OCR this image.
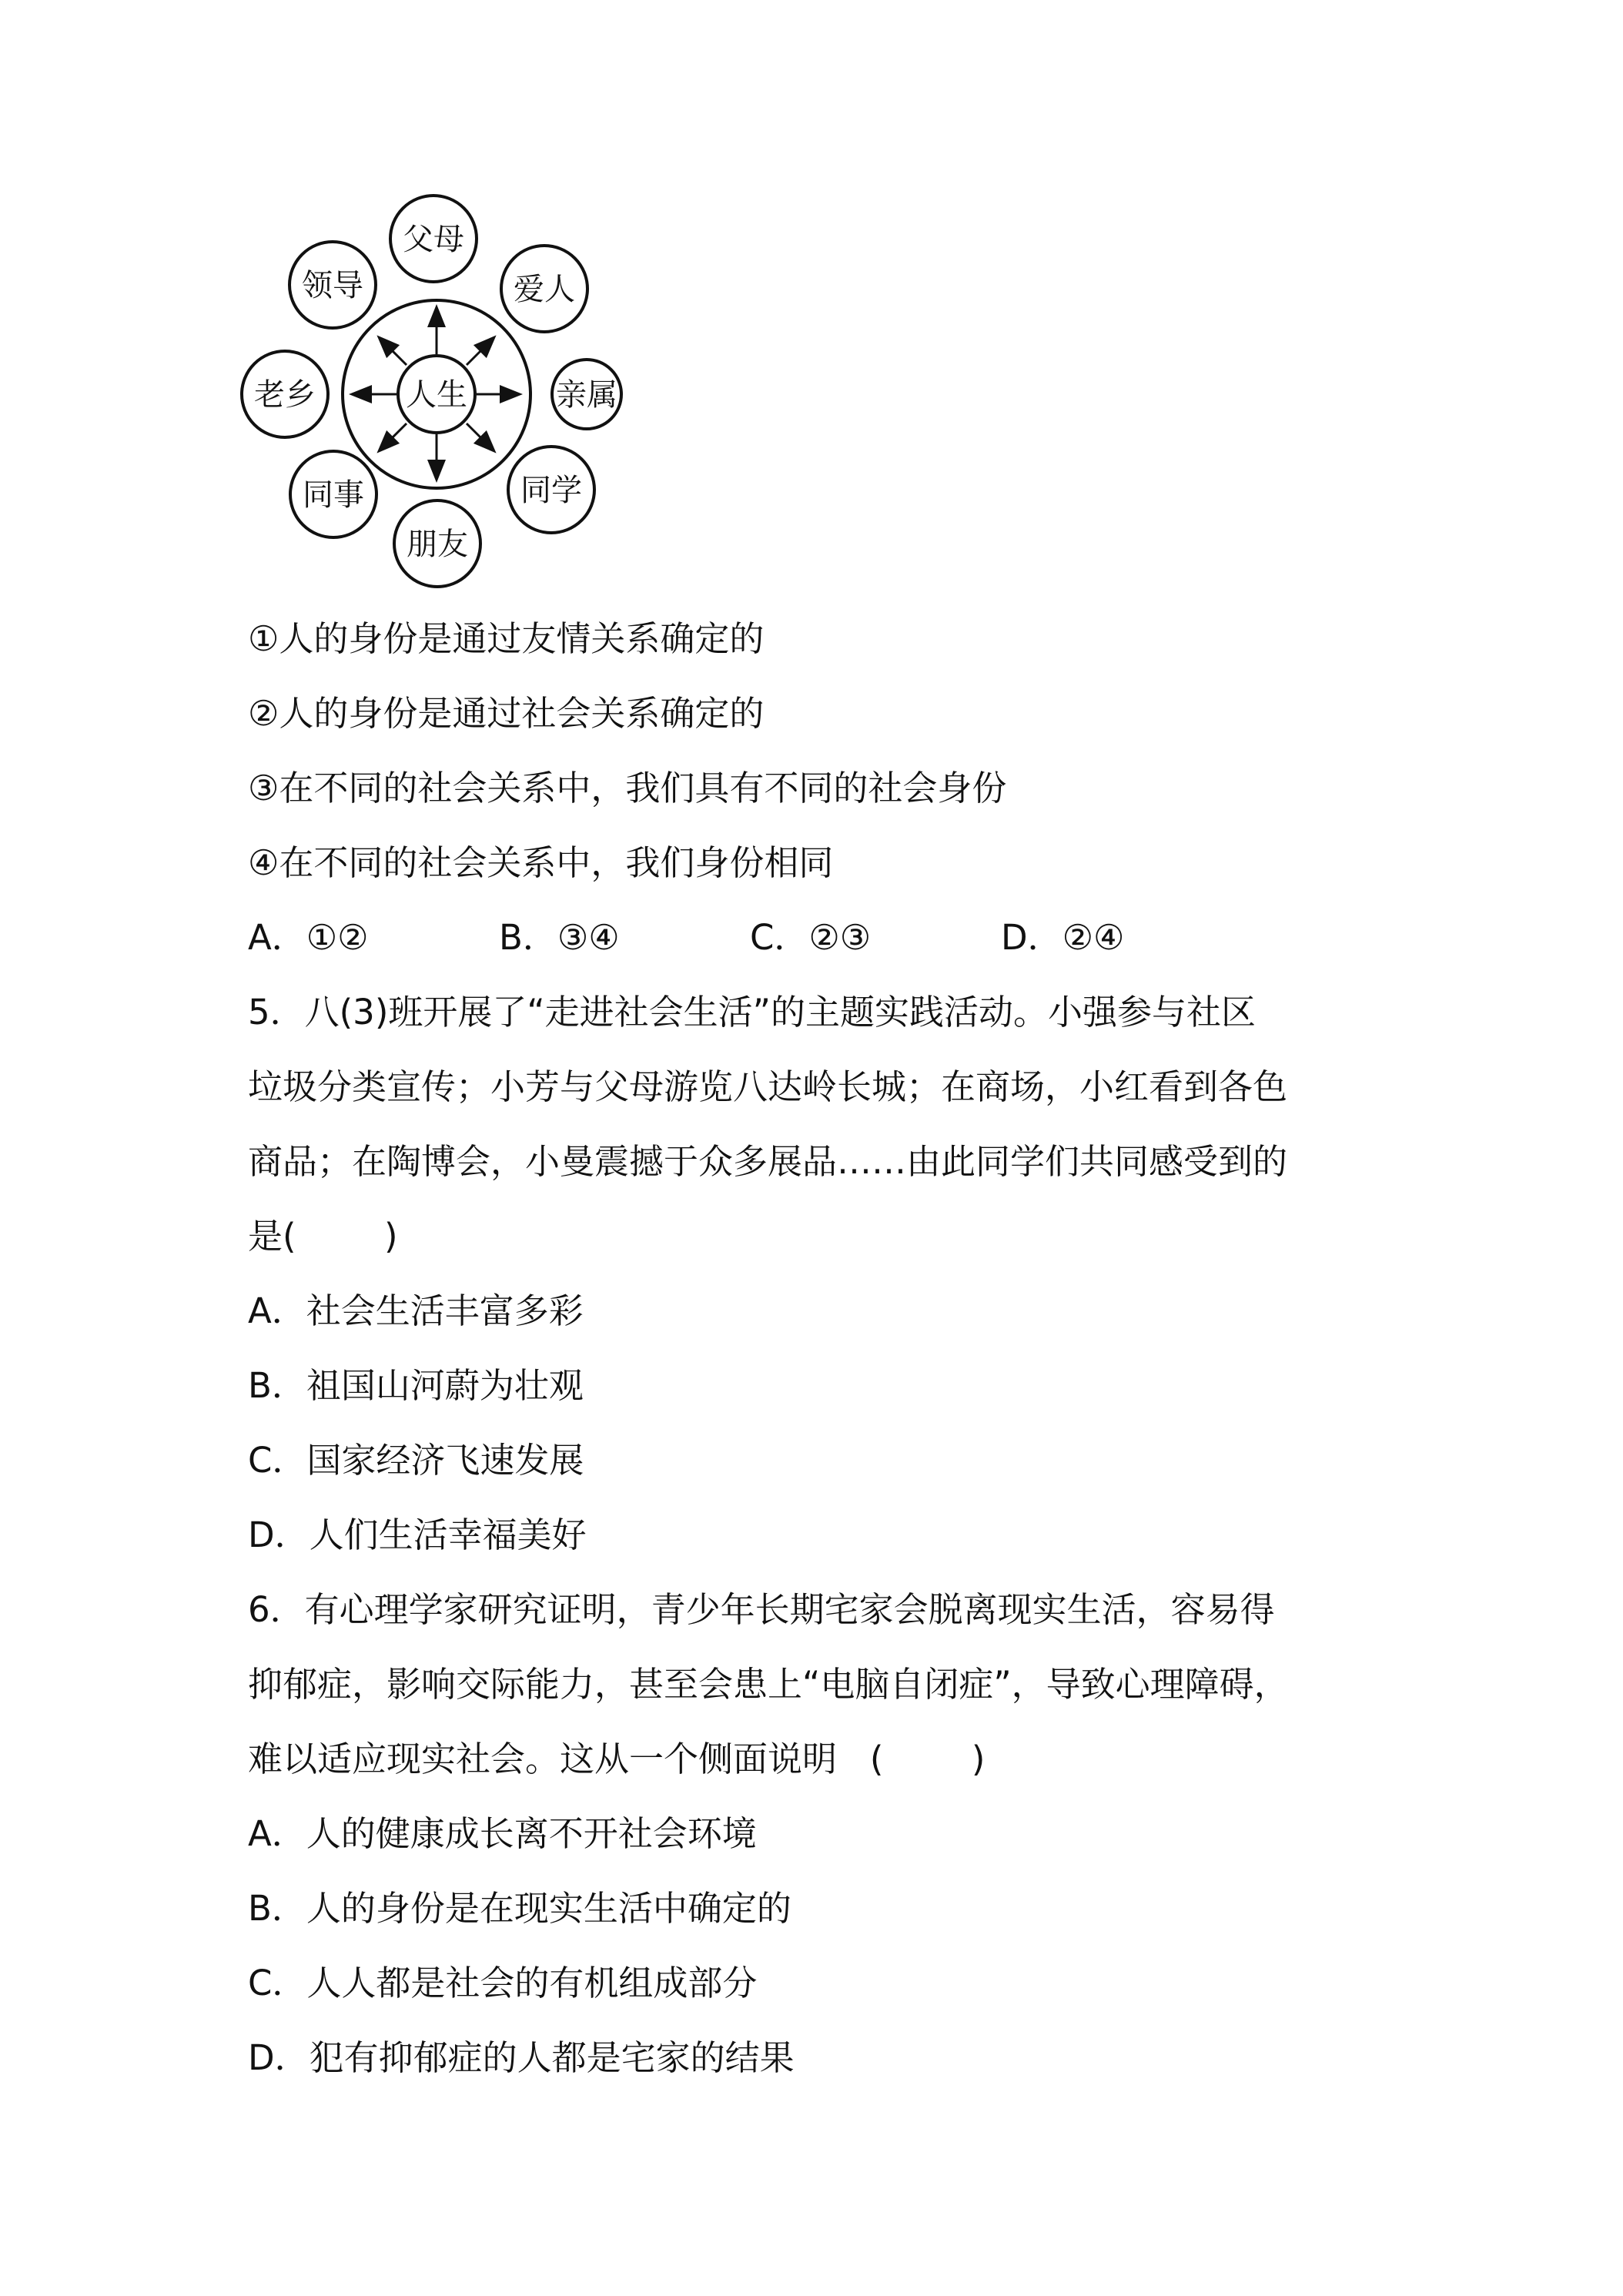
人生
父母
爱人
亲属
同学
朋友
同事
老乡
领导
①人的身份是通过友情关系确定的
②人的身份是通过社会关系确定的
③在不同的社会关系中，我们具有不同的社会身份
④在不同的社会关系中，我们身份相同
A．①②	B．③④	C．②③	D．②④
5．八(3)班开展了“走进社会生活”的主题实践活动。小强参与社区
垃圾分类宣传；小芳与父母游览八达岭长城；在商场，小红看到各色
商品；在陶博会，小曼震撼于众多展品……由此同学们共同感受到的
是(        )
A．社会生活丰富多彩
B．祖国山河蔚为壮观
C．国家经济飞速发展
D．人们生活幸福美好
6．有心理学家研究证明，青少年长期宅家会脱离现实生活，容易得
抑郁症，影响交际能力，甚至会患上“电脑自闭症”，导致心理障碍，
难以适应现实社会。这从一个侧面说明   (        )
A．人的健康成长离不开社会环境
B．人的身份是在现实生活中确定的
C．人人都是社会的有机组成部分
D．犯有抑郁症的人都是宅家的结果
